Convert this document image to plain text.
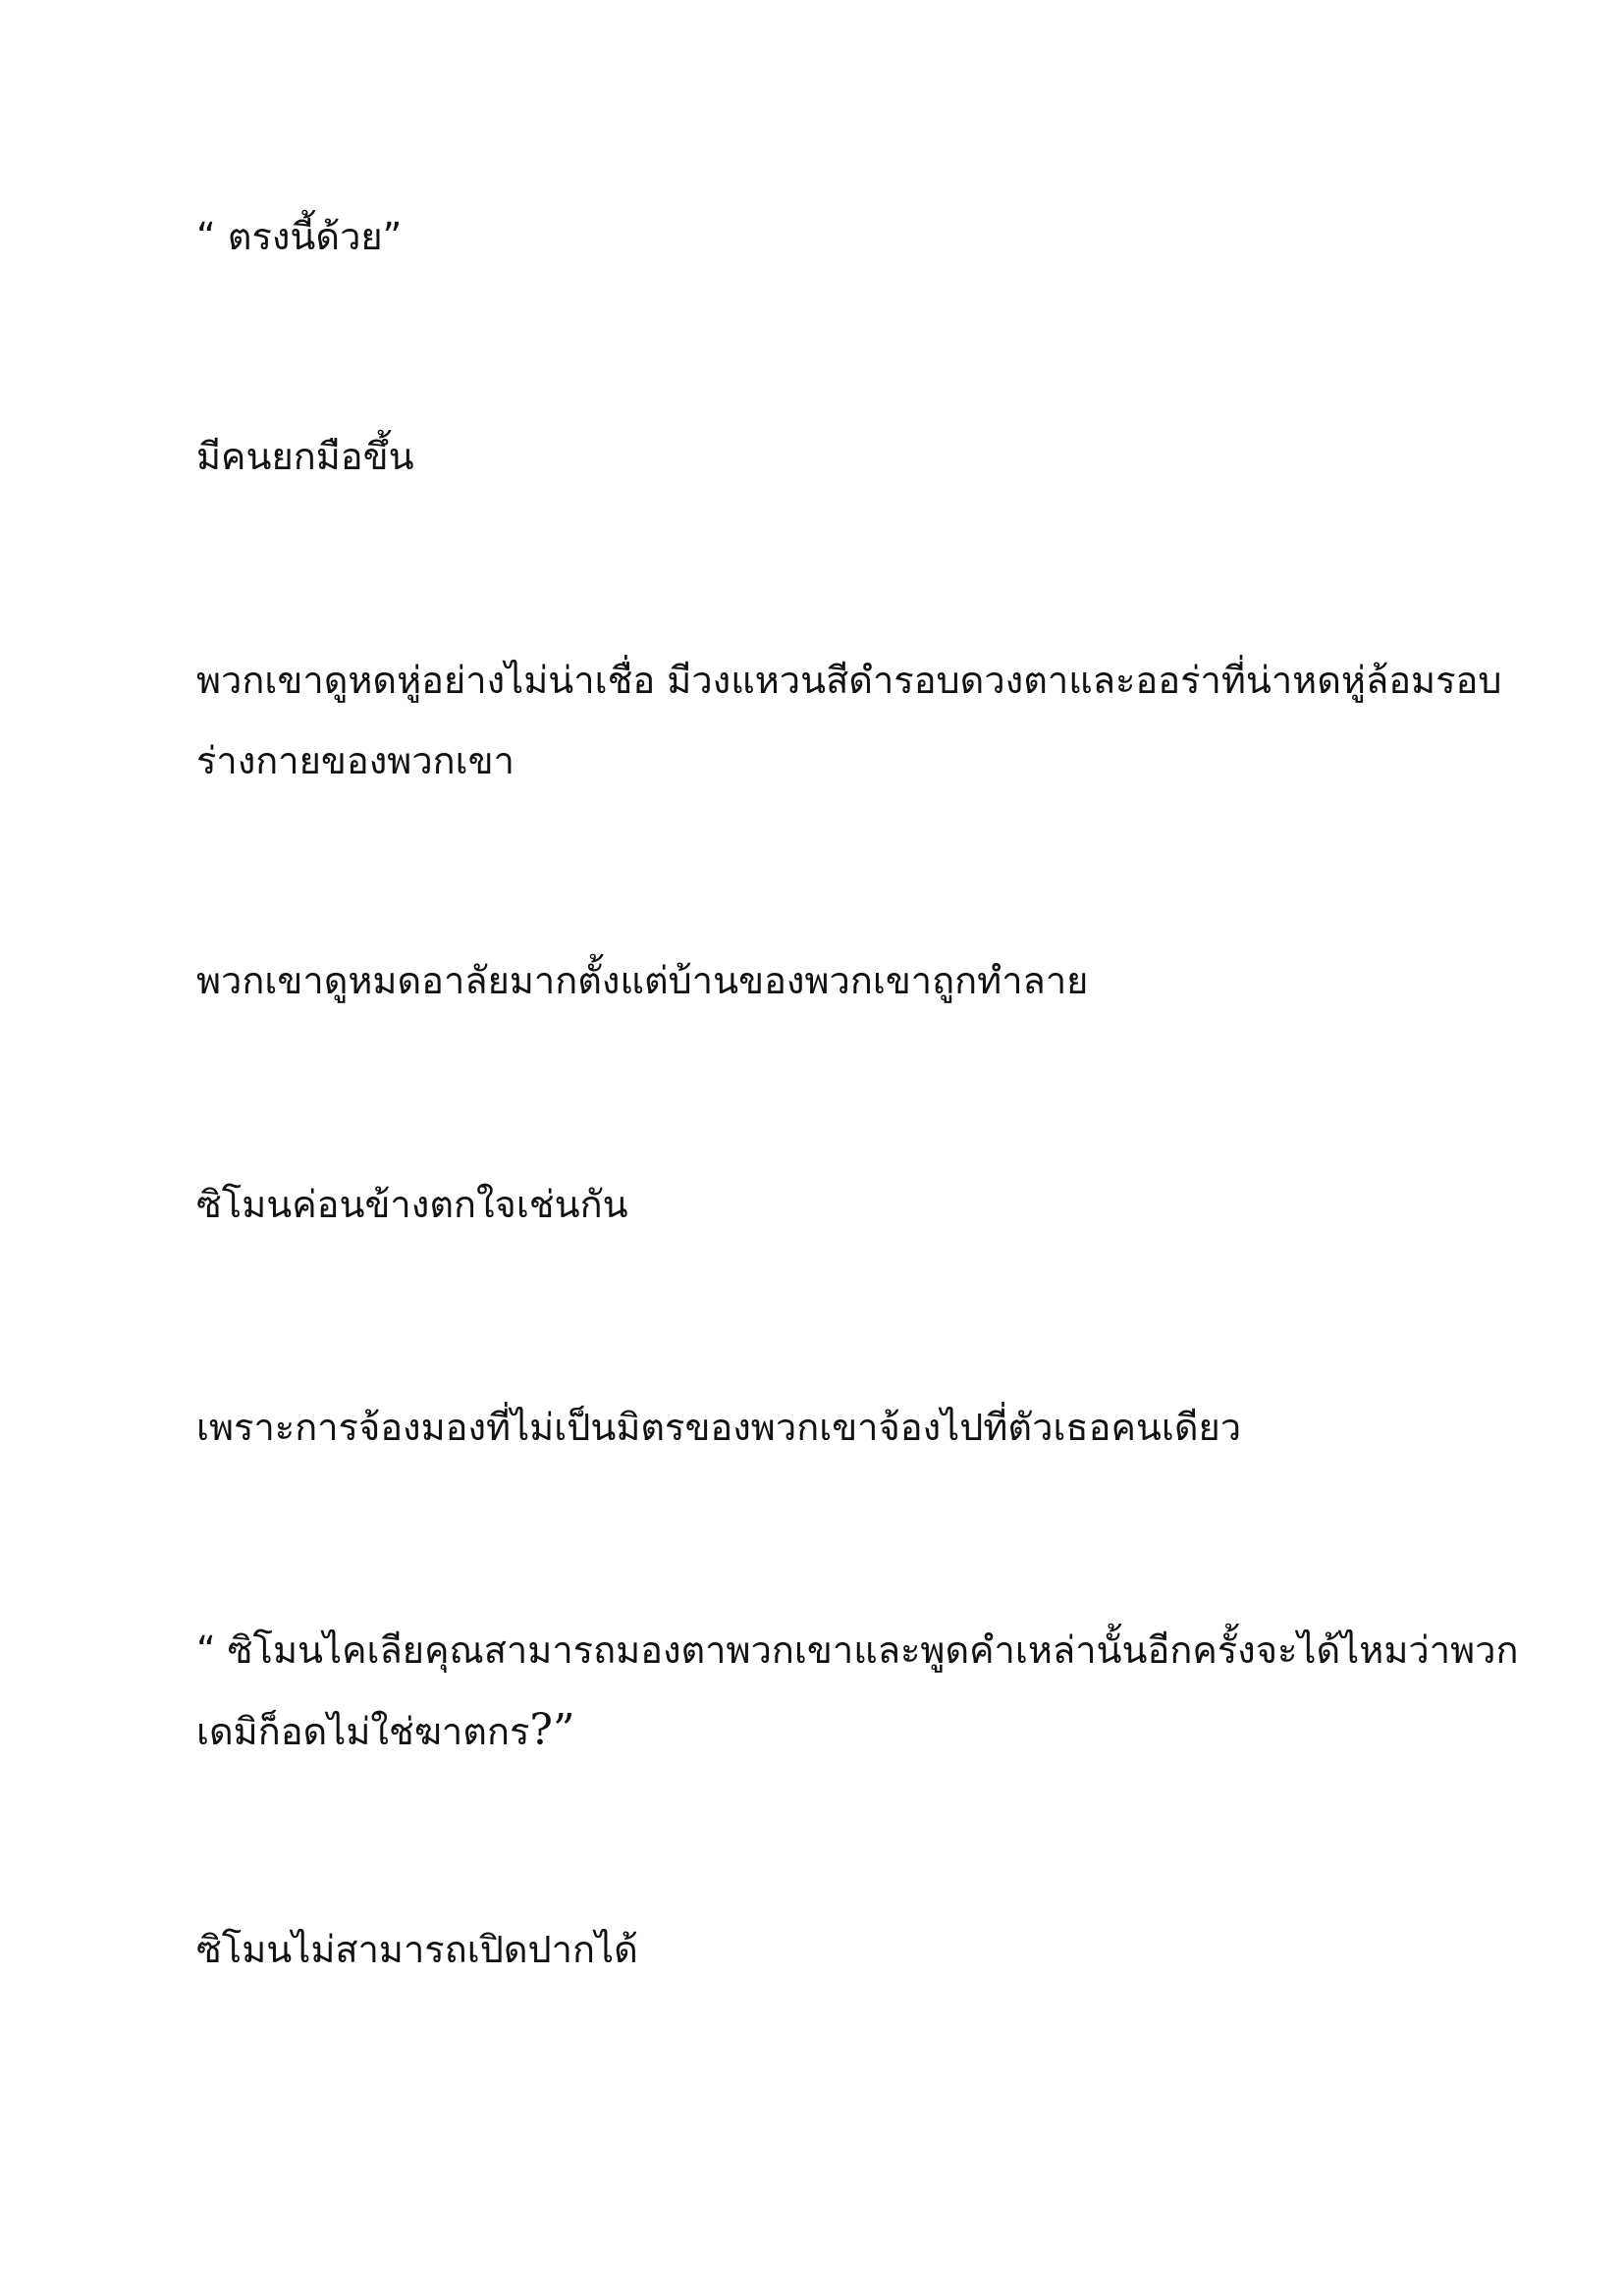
“ ตรงนี้ด้วย”

มีคนยกมือขึ้น

พวกเขาดูหดหู่อย่างไม่น่าเชื่อ มีวงแหวนสีดำรอบดวงตาและออร่าที่น่าหดหู่ล้อมรอบ
ร่างกายของพวกเขา

พวกเขาดูหมดอาลัยมากตั้งแต่บ้านของพวกเขาถูกทำลาย

ซิโมนค่อนข้างตกใจเช่นกัน

เพราะการจ้องมองที่ไม่เป็นมิตรของพวกเขาจ้องไปที่ตัวเธอคนเดียว

“ ซิโมนไคเลียคุณสามารถมองตาพวกเขาและพูดคำเหล่านั้นอีกครั้งจะได้ไหมว่าพวก
เดมิก็อดไม่ใช่ฆาตกร?”

ซิโมนไม่สามารถเปิดปากได้
